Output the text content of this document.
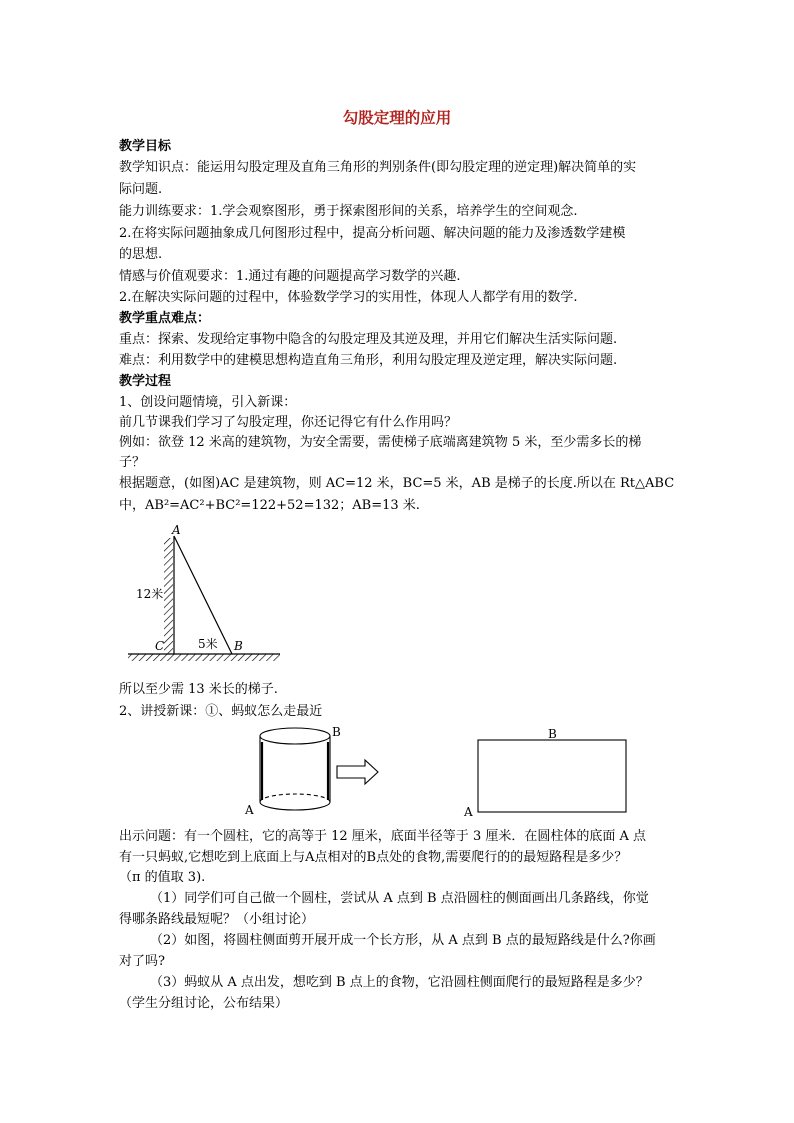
勾股定理的应用
教学目标
教学知识点：能运用勾股定理及直角三角形的判别条件(即勾股定理的逆定理)解决简单的实
际问题.
能力训练要求：1.学会观察图形，勇于探索图形间的关系，培养学生的空间观念.
2.在将实际问题抽象成几何图形过程中，提高分析问题、解决问题的能力及渗透数学建模
的思想.
情感与价值观要求：1.通过有趣的问题提高学习数学的兴趣.
2.在解决实际问题的过程中，体验数学学习的实用性，体现人人都学有用的数学.
教学重点难点：
重点：探索、发现给定事物中隐含的勾股定理及其逆及理，并用它们解决生活实际问题.
难点：利用数学中的建模思想构造直角三角形，利用勾股定理及逆定理，解决实际问题.
教学过程
1、创设问题情境，引入新课：
前几节课我们学习了勾股定理，你还记得它有什么作用吗？
例如：欲登 12 米高的建筑物，为安全需要，需使梯子底端离建筑物 5 米，至少需多长的梯
子？
根据题意，(如图)AC 是建筑物，则 AC=12 米，BC=5 米，AB 是梯子的长度.所以在 Rt△ABC
中，AB²=AC²+BC²=122+52=132；AB=13 米.
A
C	B
12米
5米
所以至少需 13 米长的梯子.
2、讲授新课：①、蚂蚁怎么走最近
B
A
B
A
出示问题：有一个圆柱，它的高等于 12 厘米，底面半径等于 3 厘米．在圆柱体的底面 A 点
有一只蚂蚁,它想吃到上底面上与A点相对的B点处的食物,需要爬行的的最短路程是多少？
（π 的值取 3).
（1）同学们可自己做一个圆柱，尝试从 A 点到 B 点沿圆柱的侧面画出几条路线，你觉
得哪条路线最短呢？（小组讨论）
（2）如图，将圆柱侧面剪开展开成一个长方形，从 A 点到 B 点的最短路线是什么?你画
对了吗?
（3）蚂蚁从 A 点出发，想吃到 B 点上的食物，它沿圆柱侧面爬行的最短路程是多少？
（学生分组讨论，公布结果）
